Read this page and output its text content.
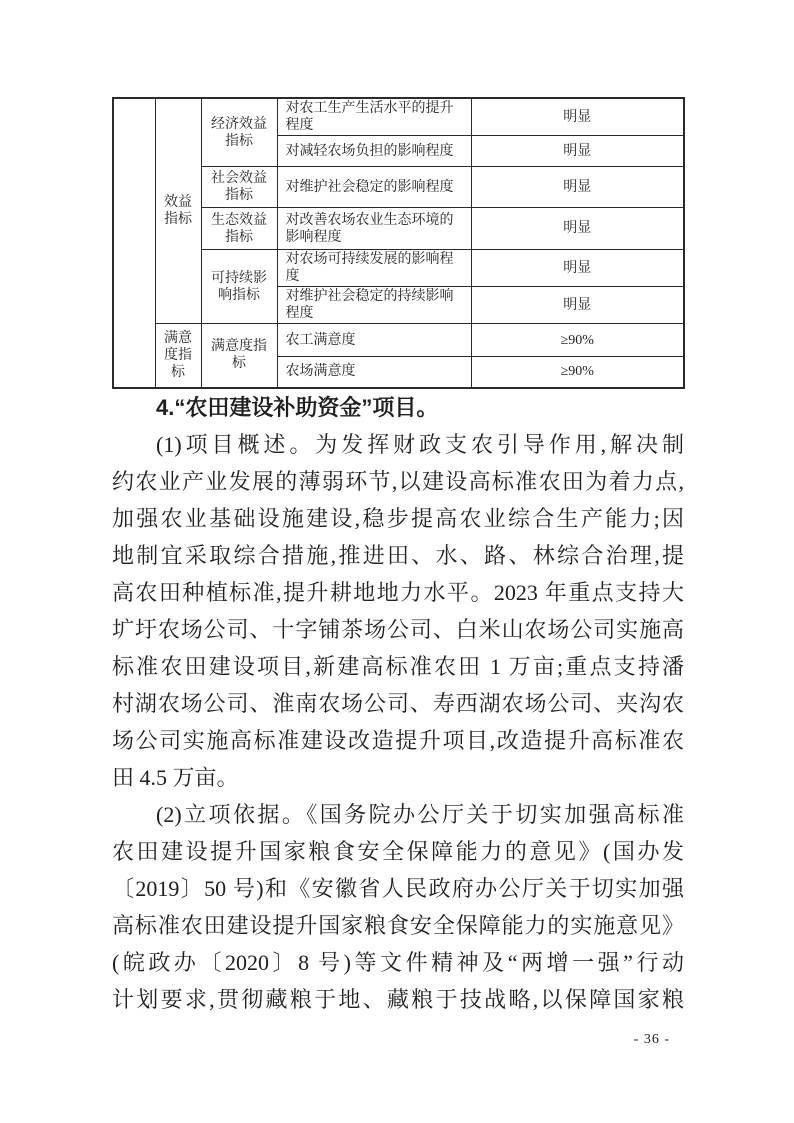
	效益指标	经济效益指标	对农工生产生活水平的提升程度	明显
			对减轻农场负担的影响程度	明显
		社会效益指标	对维护社会稳定的影响程度	明显
		生态效益指标	对改善农场农业生态环境的影响程度	明显
		可持续影响指标	对农场可持续发展的影响程度	明显
			对维护社会稳定的持续影响程度	明显
	满意度指标	满意度指标	农工满意度	≥90%
			农场满意度	≥90%
4.“农田建设补助资金”项目。
(1)项目概述。为发挥财政支农引导作用,解决制
约农业产业发展的薄弱环节,以建设高标准农田为着力点,
加强农业基础设施建设,稳步提高农业综合生产能力;因
地制宜采取综合措施,推进田、水、路、林综合治理,提
高农田种植标准,提升耕地地力水平。2023 年重点支持大
圹圩农场公司、十字铺茶场公司、白米山农场公司实施高
标准农田建设项目,新建高标准农田 1 万亩;重点支持潘
村湖农场公司、淮南农场公司、寿西湖农场公司、夹沟农
场公司实施高标准建设改造提升项目,改造提升高标准农
田 4.5 万亩。
(2)立项依据。《国务院办公厅关于切实加强高标准
农田建设提升国家粮食安全保障能力的意见》(国办发
〔2019〕50 号)和《安徽省人民政府办公厅关于切实加强
高标准农田建设提升国家粮食安全保障能力的实施意见》
(皖政办〔2020〕8 号)等文件精神及“两增一强”行动
计划要求,贯彻藏粮于地、藏粮于技战略,以保障国家粮
- 36 -
